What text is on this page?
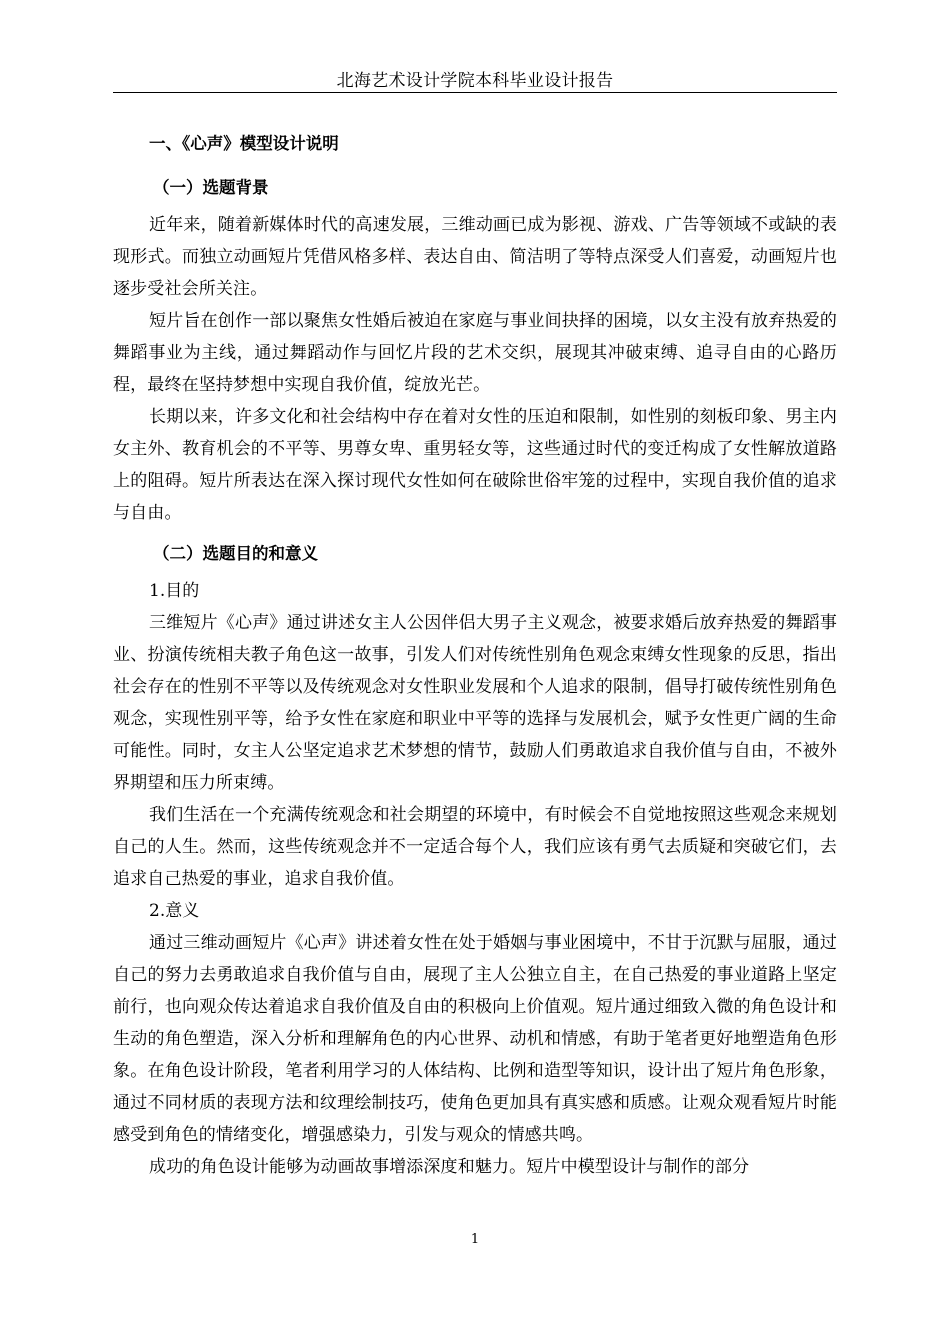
北海艺术设计学院本科毕业设计报告
一、《心声》模型设计说明
（一）选题背景

近年来，随着新媒体时代的高速发展，三维动画已成为影视、游戏、广告等领域不或缺的表现形式。而独立动画短片凭借风格多样、表达自由、简洁明了等特点深受人们喜爱，动画短片也逐步受社会所关注。

短片旨在创作一部以聚焦女性婚后被迫在家庭与事业间抉择的困境，以女主没有放弃热爱的舞蹈事业为主线，通过舞蹈动作与回忆片段的艺术交织，展现其冲破束缚、追寻自由的心路历程，最终在坚持梦想中实现自我价值，绽放光芒。

长期以来，许多文化和社会结构中存在着对女性的压迫和限制，如性别的刻板印象、男主内女主外、教育机会的不平等、男尊女卑、重男轻女等，这些通过时代的变迁构成了女性解放道路上的阻碍。短片所表达在深入探讨现代女性如何在破除世俗牢笼的过程中，实现自我价值的追求与自由。

（二）选题目的和意义

1.目的

三维短片《心声》通过讲述女主人公因伴侣大男子主义观念，被要求婚后放弃热爱的舞蹈事业、扮演传统相夫教子角色这一故事，引发人们对传统性别角色观念束缚女性现象的反思，指出社会存在的性别不平等以及传统观念对女性职业发展和个人追求的限制，倡导打破传统性别角色观念，实现性别平等，给予女性在家庭和职业中平等的选择与发展机会，赋予女性更广阔的生命可能性。同时，女主人公坚定追求艺术梦想的情节，鼓励人们勇敢追求自我价值与自由，不被外界期望和压力所束缚。

我们生活在一个充满传统观念和社会期望的环境中，有时候会不自觉地按照这些观念来规划自己的人生。然而，这些传统观念并不一定适合每个人，我们应该有勇气去质疑和突破它们，去追求自己热爱的事业，追求自我价值。

2.意义

通过三维动画短片《心声》讲述着女性在处于婚姻与事业困境中，不甘于沉默与屈服，通过自己的努力去勇敢追求自我价值与自由，展现了主人公独立自主，在自己热爱的事业道路上坚定前行，也向观众传达着追求自我价值及自由的积极向上价值观。短片通过细致入微的角色设计和生动的角色塑造，深入分析和理解角色的内心世界、动机和情感，有助于笔者更好地塑造角色形象。在角色设计阶段，笔者利用学习的人体结构、比例和造型等知识，设计出了短片角色形象，通过不同材质的表现方法和纹理绘制技巧，使角色更加具有真实感和质感。让观众观看短片时能感受到角色的情绪变化，增强感染力，引发与观众的情感共鸣。

成功的角色设计能够为动画故事增添深度和魅力。短片中模型设计与制作的部分

1
